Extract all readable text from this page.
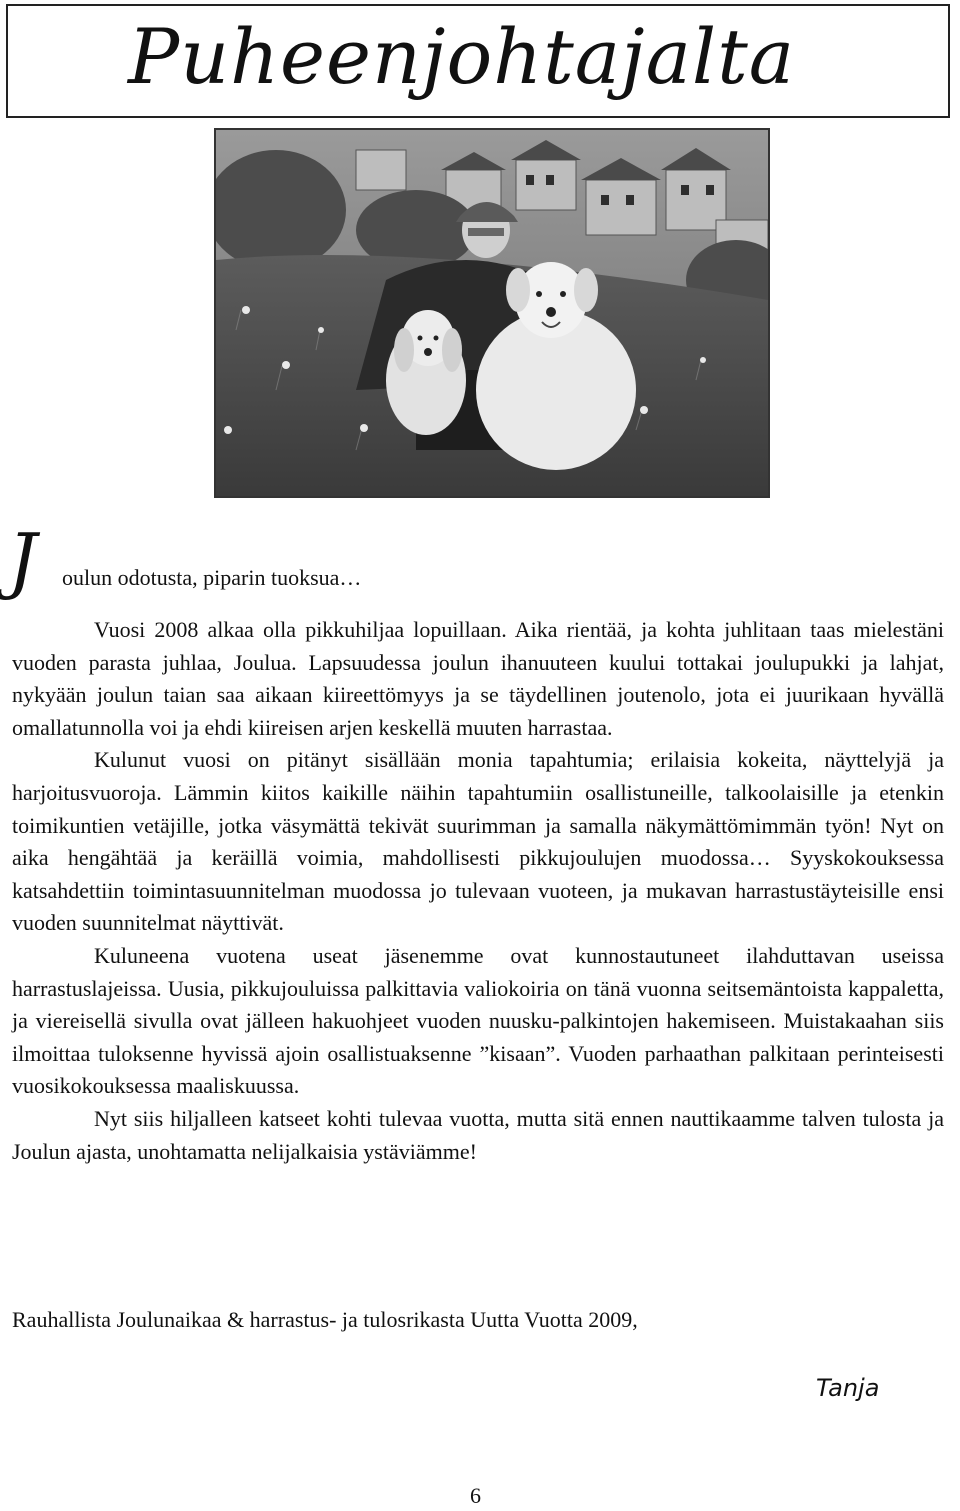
Puheenjohtajalta
J oulun odotusta, piparin tuoksua…

Vuosi 2008 alkaa olla pikkuhiljaa lopuillaan. Aika rientää, ja kohta juhlitaan taas mielestäni vuoden parasta juhlaa, Joulua. Lapsuudessa joulun ihanuuteen kuului tottakai joulupukki ja lahjat, nykyään joulun taian saa aikaan kiireettömyys ja se täydellinen joutenolo, jota ei juurikaan hyvällä omallatunnolla voi ja ehdi kiireisen arjen keskellä muuten harrastaa.

Kulunut vuosi on pitänyt sisällään monia tapahtumia; erilaisia kokeita, näyttelyjä ja harjoitusvuoroja. Lämmin kiitos kaikille näihin tapahtumiin osallistuneille, talkoolaisille ja etenkin toimikuntien vetäjille, jotka väsymättä tekivät suurimman ja samalla näkymättömimmän työn! Nyt on aika hengähtää ja keräillä voimia, mahdollisesti pikkujoulujen muodossa… Syyskokouksessa katsahdettiin toimintasuunnitelman muodossa jo tulevaan vuoteen, ja mukavan harrastustäyteisille ensi vuoden suunnitelmat näyttivät.

Kuluneena vuotena useat jäsenemme ovat kunnostautuneet ilahduttavan useissa harrastuslajeissa. Uusia, pikkujouluissa palkittavia valiokoiria on tänä vuonna seitsemäntoista kappaletta, ja viereisellä sivulla ovat jälleen hakuohjeet vuoden nuusku-palkintojen hakemiseen. Muistakaahan siis ilmoittaa tuloksenne hyvissä ajoin osallistuaksenne ”kisaan”. Vuoden parhaathan palkitaan perinteisesti vuosikokouksessa maaliskuussa.

Nyt siis hiljalleen katseet kohti tulevaa vuotta, mutta sitä ennen nauttikaamme talven tulosta ja Joulun ajasta, unohtamatta nelijalkaisia ystäviämme!

Rauhallista Joulunaikaa & harrastus- ja tulosrikasta Uutta Vuotta 2009,
Tanja
6
